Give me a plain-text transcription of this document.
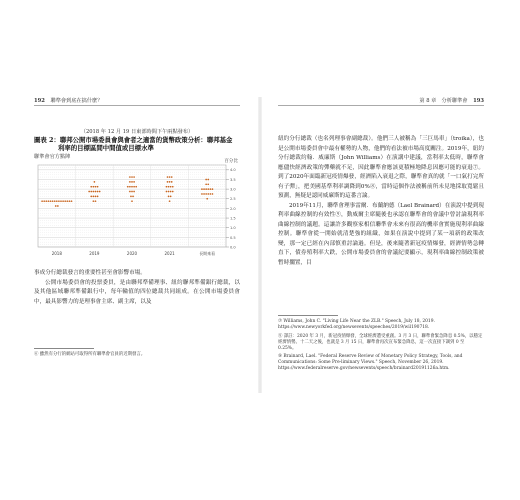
192 聯準會到底在搞什麼？
（2018 年 12 月 19 日東部時間下午兩點發布）
圖表 2：聯邦公開市場委員會與會者之適當的貨幣政策分析：聯邦基金
利率的目標區間中間值或目標水準
聯準會官方點陣
百分比
0.0
0.5
1.0
1.5
2.0
2.5
3.0
3.5
4.0
2018	2019	2020	2021	長期來看

事成分行總裁發言的重要性甚至會影響市場。

公開市場委員會的投票委員，是由聯邦準備理事、紐約聯邦準備銀行總裁，以及其他區域聯邦準備銀行中，每年輪值的四位總裁共同組成。在公開市場委員會中，最具影響力的是理事會主席、副主席，以及

⑥ 雖然有分行的網站可取得所有聯準會官員的近期發言。
第 8 章　分析聯準會 193

紐約分行總裁（也名列理事會副總裁）。他們三人被稱為「三巨馬車」（troika），也是公開市場委員會中最有權勢的人物，他們的看法被市場高度關注。2019年，紐約分行總裁約翰．威廉斯（John Williams）在演講中建議，當利率太低時，聯準會應儘快經濟政策的彈藥就不足，因此聯準會應該更積極地降息因應可能的衰退⑦。到了2020年面臨新冠疫情爆發，經濟陷入衰退之際，聯準會真的就「一口氣打完所有子彈」，把美國基準利率調降到0%⑧，當時這個作法被稱前所未見地採取寬鬆且預測，無疑是認同威廉斯的這番言論。

2019年11月，聯準會理事雷爾．布蘭納德（Lael Brainard）在演說中提到現利率曲線控制的有效性⑨，動威爾主席隨後也承認在聯準會的會議中曾討論現利率曲線控制的議題。這讓許多觀察家相信聯準會未來有很高的機率會實施現利率曲線控制。聯準會從一開始就清楚強的組織，如果在演說中提到了某一項新的政策改變，那一定已經在內部慎重討論過。但是，後來隨著新冠疫情爆發，經濟情勢急轉直下，債券殖利率大跌，公開市場委員會的會議紀要顯示，現利率曲線控制政策被暫時擱置，目

⑦ Williams, John C. "Living Life Near the ZLB." Speech, July 18, 2019. https://www.newyorkfed.org/newsevents/speeches/2019/wil190718.
⑧ 譯註：2020 年 3 月，新冠疫情爆發，全球經濟遭受重創。3 月 3 日，聯準會緊急降息 0.5%，以穩定經濟情勢。十二天之後，也就是 3 月 15 日，聯準會再次宣布緊急降息，這一次直接下調到 0 至 0.25%。
⑨ Brainard, Lael. "Federal Reserve Review of Monetary Policy Strategy, Tools, and Communications: Some Pre-liminary Views." Speech, November 26, 2019. https://www.federalreserve.gov/newsevents/speech/brainard20191126a.htm.
